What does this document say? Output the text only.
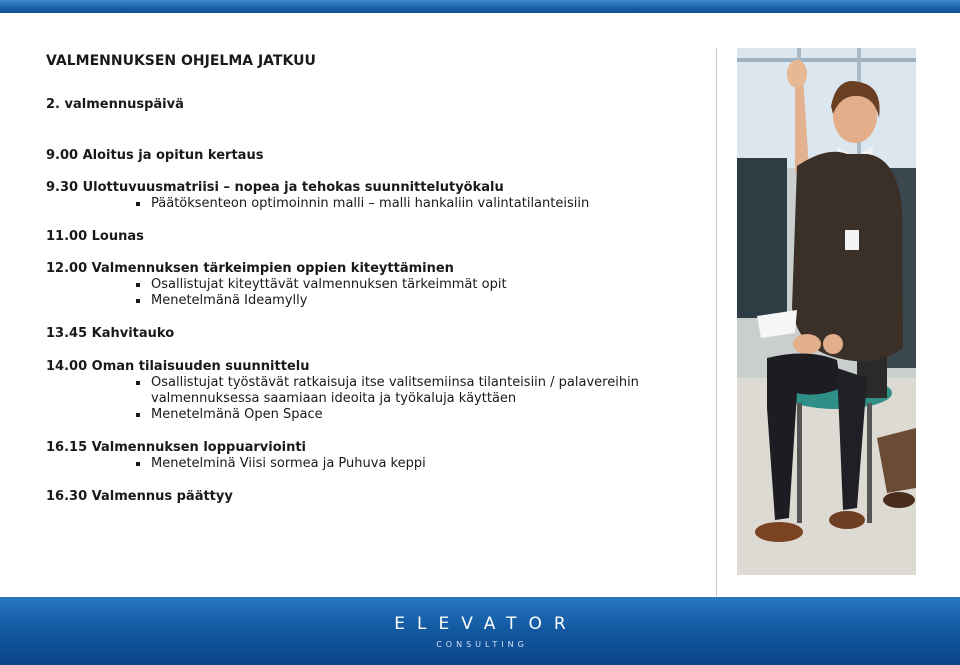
VALMENNUKSEN OHJELMA JATKUU
2. valmennuspäivä
9.00 Aloitus ja opitun kertaus
9.30 Ulottuvuusmatriisi – nopea ja tehokas suunnittelutyökalu
Päätöksenteon optimoinnin malli – malli hankaliin valintatilanteisiin
11.00 Lounas
12.00 Valmennuksen tärkeimpien oppien kiteyttäminen
Osallistujat kiteyttävät valmennuksen tärkeimmät opit
Menetelmänä Ideamylly
13.45 Kahvitauko
14.00 Oman tilaisuuden suunnittelu
Osallistujat työstävät ratkaisuja itse valitsemiinsa tilanteisiin / palavereihin
valmennuksessa saamiaan ideoita ja työkaluja käyttäen
Menetelmänä Open Space
16.15 Valmennuksen loppuarviointi
Menetelminä Viisi sormea ja Puhuva keppi
16.30 Valmennus päättyy
ELEVATOR
CONSULTING
